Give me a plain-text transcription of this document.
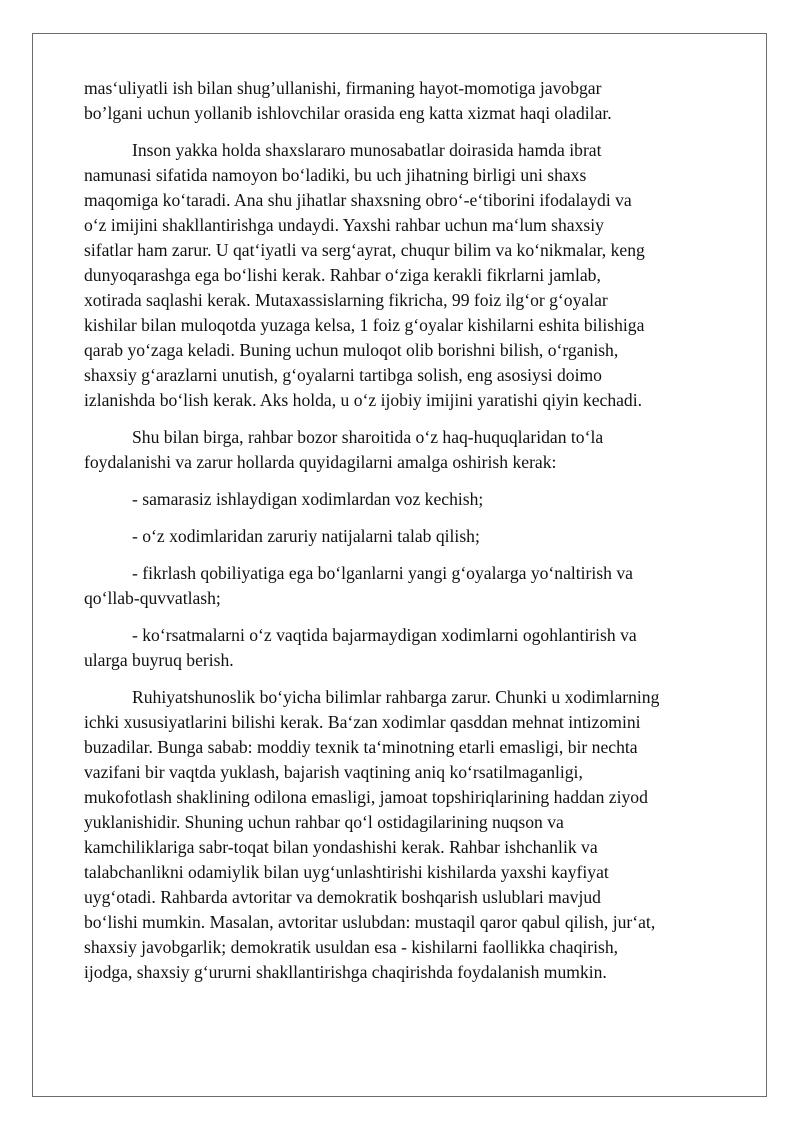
mas‘uliyatli ish bilan shug’ullanishi, firmaning hayot-momotiga javobgar
bo’lgani uchun yollanib ishlovchilar orasida eng katta xizmat haqi oladilar.

Inson yakka holda shaxslararo munosabatlar doirasida hamda ibrat
namunasi sifatida namoyon bo‘ladiki, bu uch jihatning birligi uni shaxs
maqomiga ko‘taradi. Ana shu jihatlar shaxsning obro‘-e‘tiborini ifodalaydi va
o‘z imijini shakllantirishga undaydi. Yaxshi rahbar uchun ma‘lum shaxsiy
sifatlar ham zarur. U qat‘iyatli va serg‘ayrat, chuqur bilim va ko‘nikmalar, keng
dunyoqarashga ega bo‘lishi kerak. Rahbar o‘ziga kerakli fikrlarni jamlab,
xotirada saqlashi kerak. Mutaxassislarning fikricha, 99 foiz ilg‘or g‘oyalar
kishilar bilan muloqotda yuzaga kelsa, 1 foiz g‘oyalar kishilarni eshita bilishiga
qarab yo‘zaga keladi. Buning uchun muloqot olib borishni bilish, o‘rganish,
shaxsiy g‘arazlarni unutish, g‘oyalarni tartibga solish, eng asosiysi doimo
izlanishda bo‘lish kerak. Aks holda, u o‘z ijobiy imijini yaratishi qiyin kechadi.

Shu bilan birga, rahbar bozor sharoitida o‘z haq-huquqlaridan to‘la
foydalanishi va zarur hollarda quyidagilarni amalga oshirish kerak:

- samarasiz ishlaydigan xodimlardan voz kechish;

- o‘z xodimlaridan zaruriy natijalarni talab qilish;

- fikrlash qobiliyatiga ega bo‘lganlarni yangi g‘oyalarga yo‘naltirish va
qo‘llab-quvvatlash;

- ko‘rsatmalarni o‘z vaqtida bajarmaydigan xodimlarni ogohlantirish va
ularga buyruq berish.

Ruhiyatshunoslik bo‘yicha bilimlar rahbarga zarur. Chunki u xodimlarning
ichki xususiyatlarini bilishi kerak. Ba‘zan xodimlar qasddan mehnat intizomini
buzadilar. Bunga sabab: moddiy texnik ta‘minotning etarli emasligi, bir nechta
vazifani bir vaqtda yuklash, bajarish vaqtining aniq ko‘rsatilmaganligi,
mukofotlash shaklining odilona emasligi, jamoat topshiriqlarining haddan ziyod
yuklanishidir. Shuning uchun rahbar qo‘l ostidagilarining nuqson va
kamchiliklariga sabr-toqat bilan yondashishi kerak. Rahbar ishchanlik va
talabchanlikni odamiylik bilan uyg‘unlashtirishi kishilarda yaxshi kayfiyat
uyg‘otadi. Rahbarda avtoritar va demokratik boshqarish uslublari mavjud
bo‘lishi mumkin. Masalan, avtoritar uslubdan: mustaqil qaror qabul qilish, jur‘at,
shaxsiy javobgarlik; demokratik usuldan esa - kishilarni faollikka chaqirish,
ijodga, shaxsiy g‘ururni shakllantirishga chaqirishda foydalanish mumkin.
